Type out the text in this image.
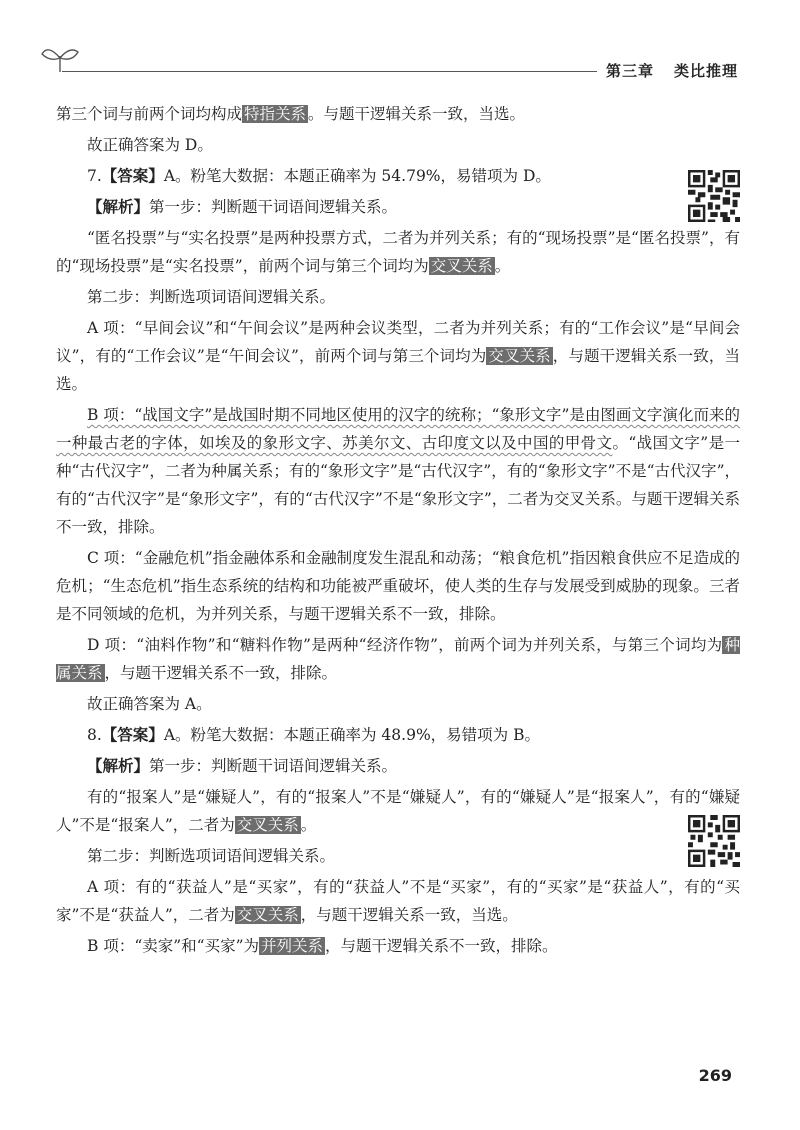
第三章 类比推理

第三个词与前两个词均构成 特指关系 。与题干逻辑关系一致，当选。

故正确答案为 D。

7.【答案】A。粉笔大数据：本题正确率为 54.79%，易错项为 D。

【解析】第一步：判断题干词语间逻辑关系。

“匿名投票”与“实名投票”是两种投票方式，二者为并列关系；有的“现场投票”是“匿名投票”，有的“现场投票”是“实名投票”，前两个词与第三个词均为 交叉关系 。

第二步：判断选项词语间逻辑关系。

A 项：“早间会议”和“午间会议”是两种会议类型，二者为并列关系；有的“工作会议”是“早间会议”，有的“工作会议”是“午间会议”，前两个词与第三个词均为 交叉关系 ，与题干逻辑关系一致，当选。

B 项：“战国文字”是战国时期不同地区使用的汉字的统称；“象形文字”是由图画文字演化而来的一种最古老的字体，如埃及的象形文字、苏美尔文、古印度文以及中国的甲骨文。“战国文字”是一种“古代汉字”，二者为种属关系；有的“象形文字”是“古代汉字”，有的“象形文字”不是“古代汉字”，有的“古代汉字”是“象形文字”，有的“古代汉字”不是“象形文字”，二者为交叉关系。与题干逻辑关系不一致，排除。

C 项：“金融危机”指金融体系和金融制度发生混乱和动荡；“粮食危机”指因粮食供应不足造成的危机；“生态危机”指生态系统的结构和功能被严重破坏，使人类的生存与发展受到威胁的现象。三者是不同领域的危机，为并列关系，与题干逻辑关系不一致，排除。

D 项：“油料作物”和“糖料作物”是两种“经济作物”，前两个词为并列关系，与第三个词均为 种属关系 ，与题干逻辑关系不一致，排除。

故正确答案为 A。

8.【答案】A。粉笔大数据：本题正确率为 48.9%，易错项为 B。

【解析】第一步：判断题干词语间逻辑关系。

有的“报案人”是“嫌疑人”，有的“报案人”不是“嫌疑人”，有的“嫌疑人”是“报案人”，有的“嫌疑人”不是“报案人”，二者为 交叉关系 。

第二步：判断选项词语间逻辑关系。

A 项：有的“获益人”是“买家”，有的“获益人”不是“买家”，有的“买家”是“获益人”，有的“买家”不是“获益人”，二者为 交叉关系 ，与题干逻辑关系一致，当选。

B 项：“卖家”和“买家”为 并列关系 ，与题干逻辑关系不一致，排除。

269
